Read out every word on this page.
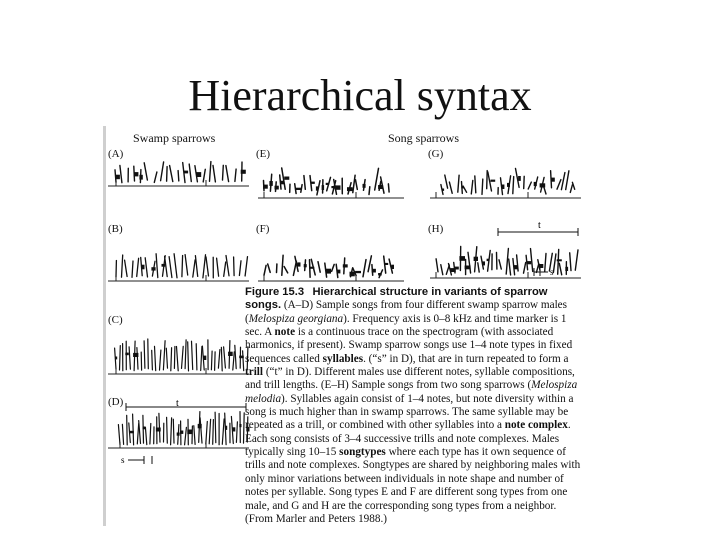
Hierarchical syntax
Swamp sparrows	Song sparrows
(A)
(B)
(C)
(D)
(E)
(F)
(G)
(H)
t
s
t
s

Figure 15.3 Hierarchical structure in variants of sparrow songs. (A–D) Sample songs from four different swamp sparrow males (Melospiza georgiana). Frequency axis is 0–8 kHz and time marker is 1 sec. A note is a continuous trace on the spectrogram (with associated harmonics, if present). Swamp sparrow songs use 1–4 note types in fixed sequences called syllables. (“s” in D), that are in turn repeated to form a trill (“t” in D). Different males use different notes, syllable compositions, and trill lengths. (E–H) Sample songs from two song sparrows (Melospiza melodia). Syllables again consist of 1–4 notes, but note diversity within a song is much higher than in swamp sparrows. The same syllable may be repeated as a trill, or combined with other syllables into a note complex. Each song consists of 3–4 successive trills and note complexes. Males typically sing 10–15 songtypes where each type has it own sequence of trills and note complexes. Songtypes are shared by neighboring males with only minor variations between individuals in note shape and number of notes per syllable. Song types E and F are different song types from one male, and G and H are the corresponding song types from a neighbor. (From Marler and Peters 1988.)
